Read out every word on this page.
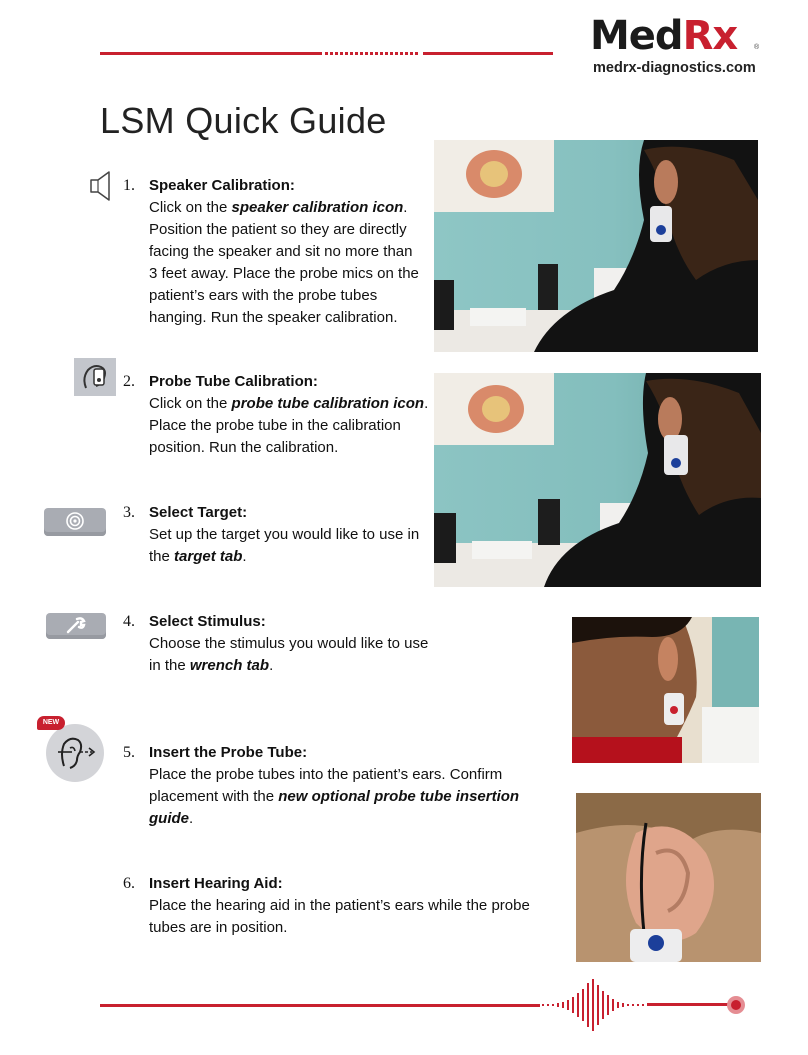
MedRx ®
medrx-diagnostics.com
LSM Quick Guide
NEW
1. Speaker Calibration:
Click on the speaker calibration icon. Position the patient so they are directly facing the speaker and sit no more than 3 feet away. Place the probe mics on the patient’s ears with the probe tubes hanging. Run the speaker calibration.
2. Probe Tube Calibration:
Click on the probe tube calibration icon. Place the probe tube in the calibration position. Run the calibration.
3. Select Target:
Set up the target you would like to use in the target tab.
4. Select Stimulus:
Choose the stimulus you would like to use in the wrench tab.
5. Insert the Probe Tube:
Place the probe tubes into the patient’s ears. Confirm placement with the new optional probe tube insertion guide.
6. Insert Hearing Aid:
Place the hearing aid in the patient’s ears while the probe tubes are in position.
